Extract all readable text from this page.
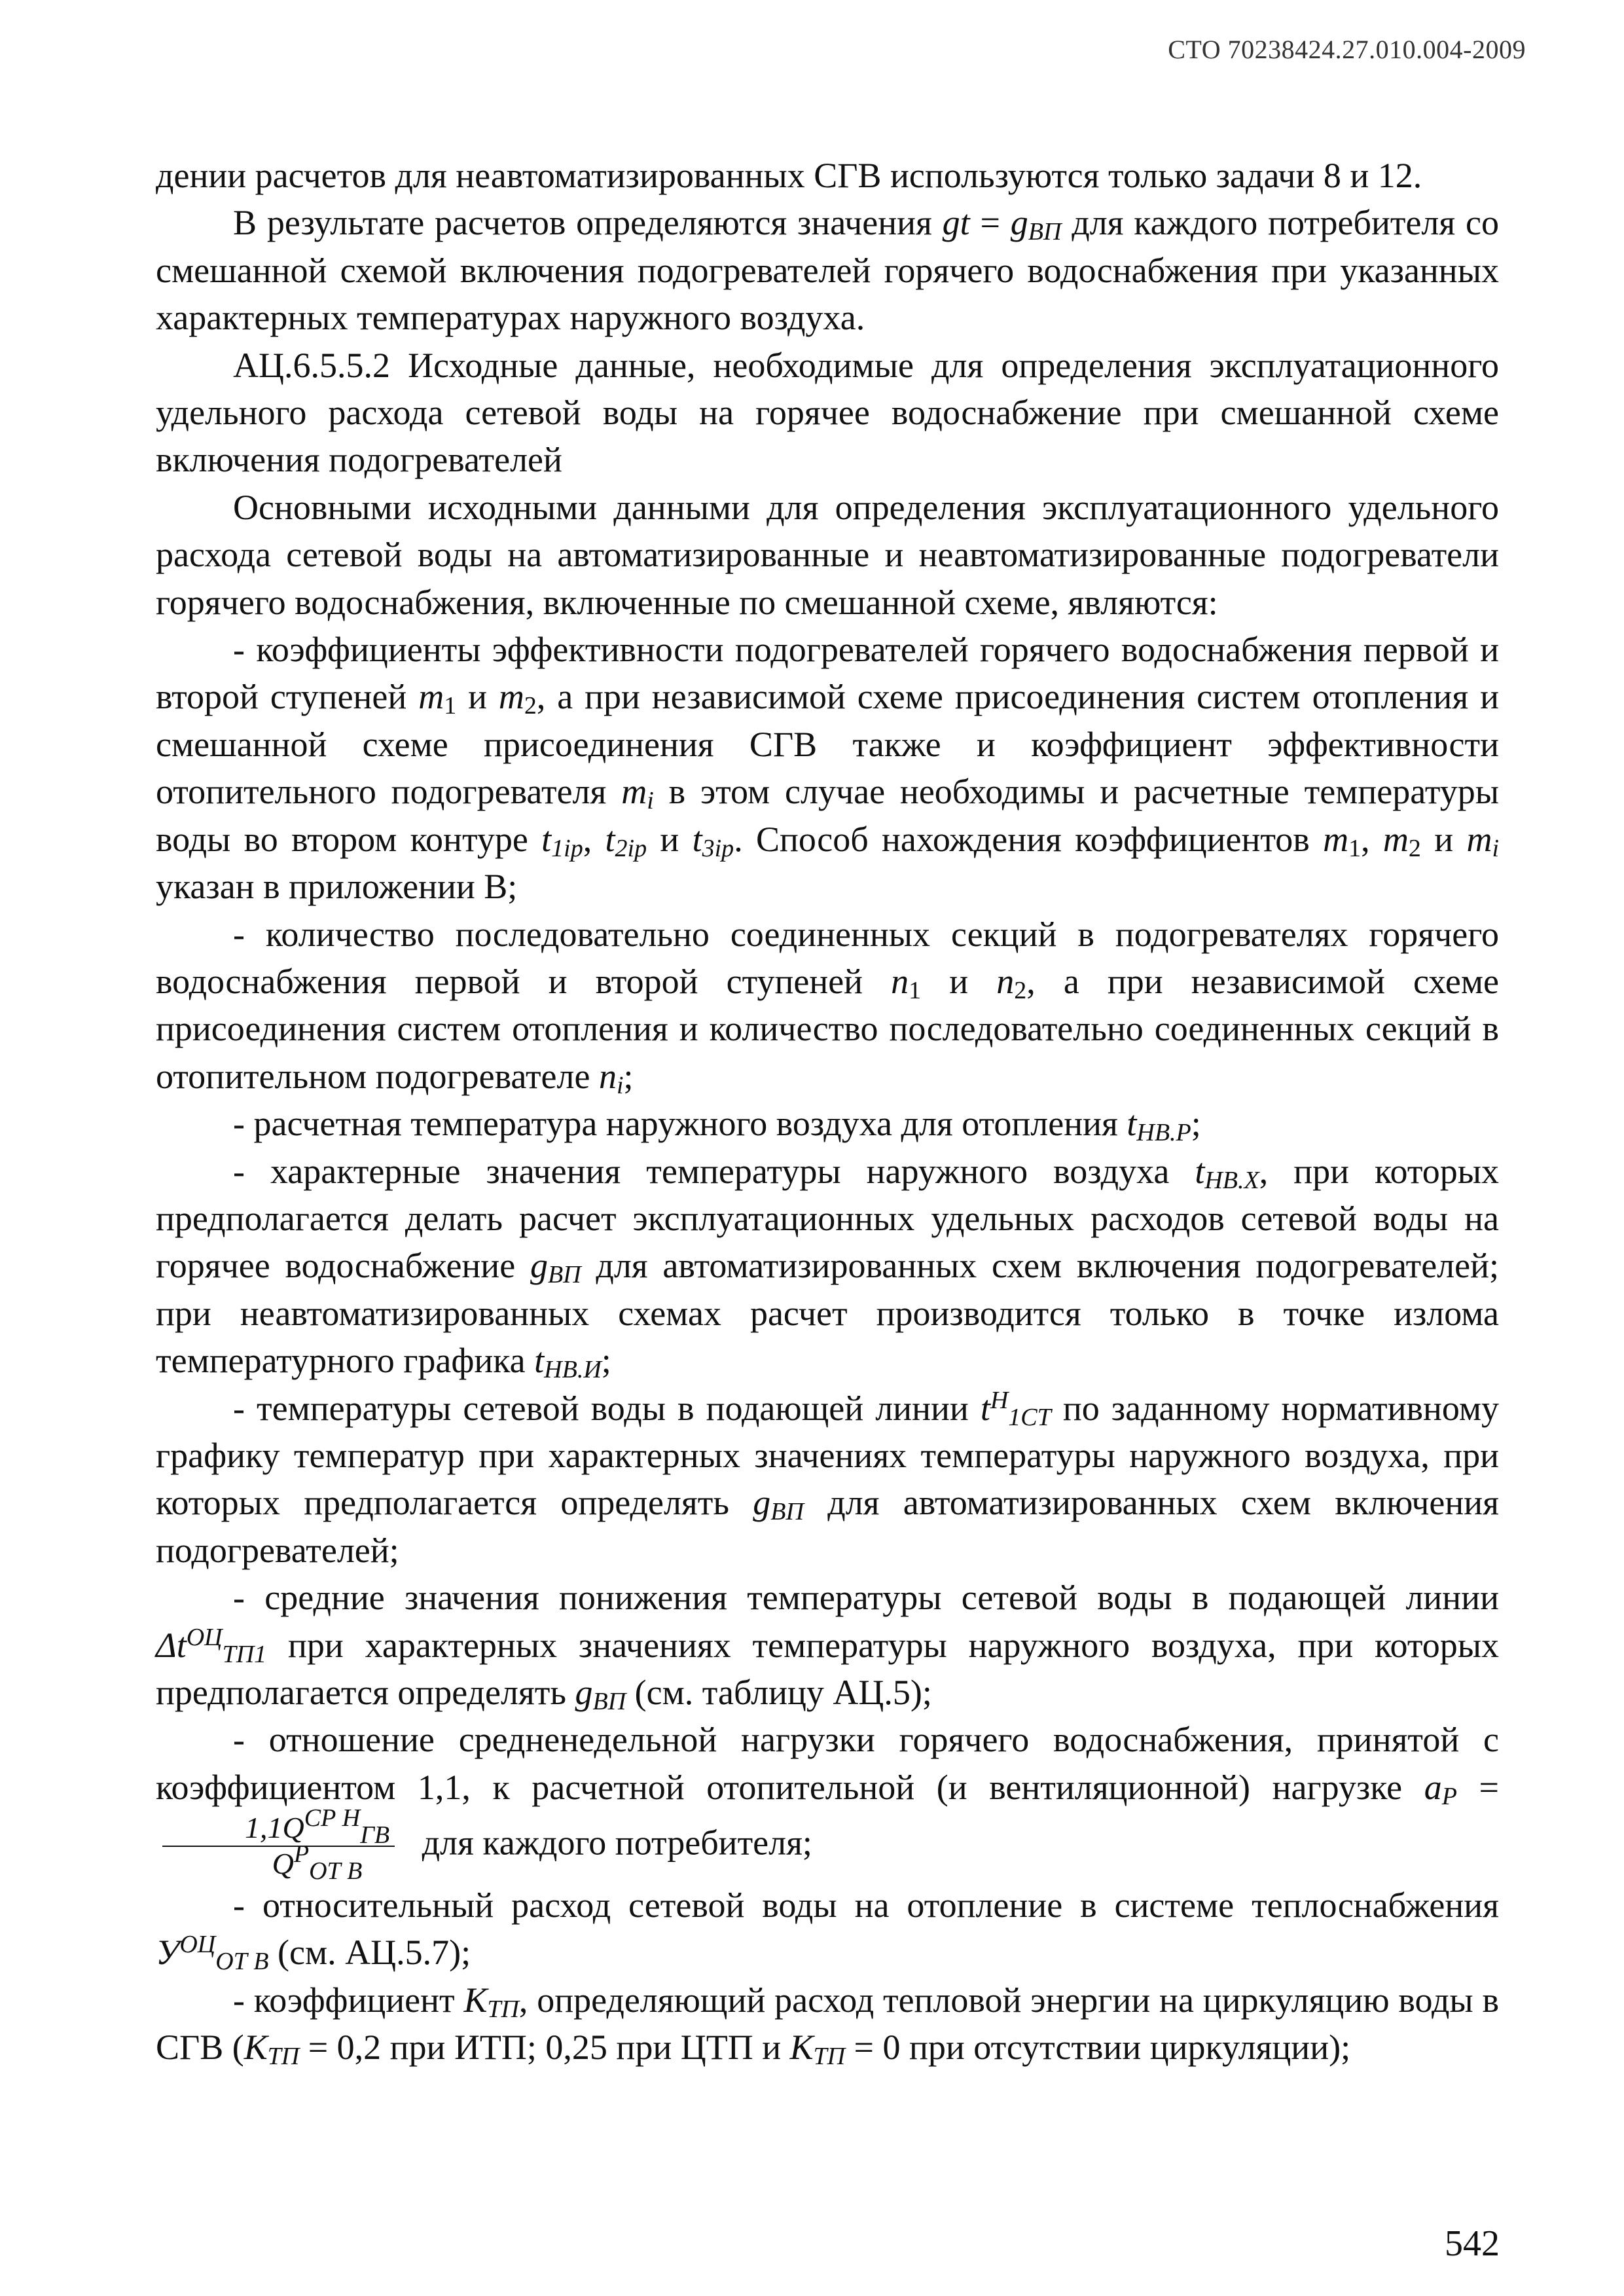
СТО 70238424.27.010.004-2009

дении расчетов для неавтоматизированных СГВ используются только задачи 8 и 12.

В результате расчетов определяются значения gt = $g_{ВП}$ для каждого потребителя со смешанной схемой включения подогревателей горячего водоснабжения при указанных характерных температурах наружного воздуха.

АЦ.6.5.5.2 Исходные данные, необходимые для определения эксплуатационного удельного расхода сетевой воды на горячее водоснабжение при смешанной схеме включения подогревателей

Основными исходными данными для определения эксплуатационного удельного расхода сетевой воды на автоматизированные и неавтоматизированные подогреватели горячего водоснабжения, включенные по смешанной схеме, являются:

- коэффициенты эффективности подогревателей горячего водоснабжения первой и второй ступеней $m_1$ и $m_2$, а при независимой схеме присоединения систем отопления и смешанной схеме присоединения СГВ также и коэффициент эффективности отопительного подогревателя $m_i$ в этом случае необходимы и расчетные температуры воды во втором контуре $t_{1ip}$, $t_{2ip}$ и $t_{3ip}$. Способ нахождения коэффициентов $m_1$, $m_2$ и $m_i$ указан в приложении В;

- количество последовательно соединенных секций в подогревателях горячего водоснабжения первой и второй ступеней $n_1$ и $n_2$, а при независимой схеме присоединения систем отопления и количество последовательно соединенных секций в отопительном подогревателе $n_i$;

- расчетная температура наружного воздуха для отопления $t_{НВ.Р}$;

- характерные значения температуры наружного воздуха $t_{НВ.Х}$, при которых предполагается делать расчет эксплуатационных удельных расходов сетевой воды на горячее водоснабжение $g_{ВП}$ для автоматизированных схем включения подогревателей; при неавтоматизированных схемах расчет производится только в точке излома температурного графика $t_{НВ.И}$;

- температуры сетевой воды в подающей линии $t^Н_{1СТ}$ по заданному нормативному графику температур при характерных значениях температуры наружного воздуха, при которых предполагается определять $g_{ВП}$ для автоматизированных схем включения подогревателей;

- средние значения понижения температуры сетевой воды в подающей линии $\Delta t^{ОЦ}_{ТП1}$ при характерных значениях температуры наружного воздуха, при которых предполагается определять $g_{ВП}$ (см. таблицу АЦ.5);

- отношение средненедельной нагрузки горячего водоснабжения, принятой с коэффициентом 1,1, к расчетной отопительной (и вентиляционной) нагрузке $a_Р$ =
$\frac{1,1Q^{СР Н}_{ГВ}}{Q^Р_{ОТ В}}$ для каждого потребителя;

- относительный расход сетевой воды на отопление в системе теплоснабжения $У^{ОЦ}_{ОТ В}$ (см. АЦ.5.7);

- коэффициент $К_{ТП}$, определяющий расход тепловой энергии на циркуляцию воды в СГВ ($К_{ТП} = 0,2$ при ИТП; 0,25 при ЦТП и $К_{ТП} = 0$ при отсутствии циркуляции);

542
